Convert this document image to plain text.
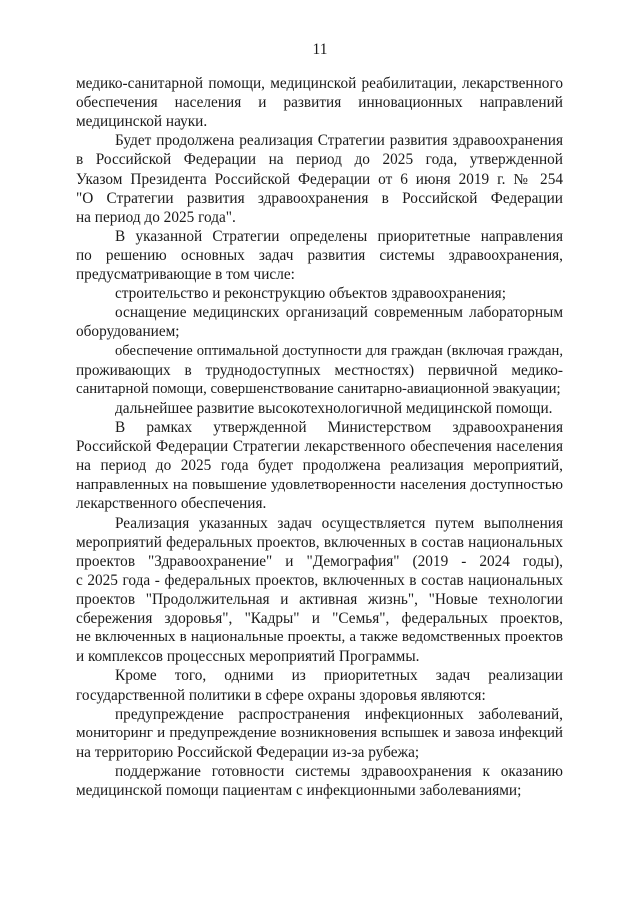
11
медико-санитарной помощи, медицинской реабилитации, лекарственного
обеспечения населения и развития инновационных направлений
медицинской науки.
Будет продолжена реализация Стратегии развития здравоохранения
в Российской Федерации на период до 2025 года, утвержденной
Указом Президента Российской Федерации от 6 июня 2019 г. № 254
"О Стратегии развития здравоохранения в Российской Федерации
на период до 2025 года".
В указанной Стратегии определены приоритетные направления
по решению основных задач развития системы здравоохранения,
предусматривающие в том числе:
строительство и реконструкцию объектов здравоохранения;
оснащение медицинских организаций современным лабораторным
оборудованием;
обеспечение оптимальной доступности для граждан (включая граждан,
проживающих в труднодоступных местностях) первичной медико-
санитарной помощи, совершенствование санитарно-авиационной эвакуации;
дальнейшее развитие высокотехнологичной медицинской помощи.
В рамках утвержденной Министерством здравоохранения
Российской Федерации Стратегии лекарственного обеспечения населения
на период до 2025 года будет продолжена реализация мероприятий,
направленных на повышение удовлетворенности населения доступностью
лекарственного обеспечения.
Реализация указанных задач осуществляется путем выполнения
мероприятий федеральных проектов, включенных в состав национальных
проектов "Здравоохранение" и "Демография" (2019 - 2024 годы),
с 2025 года - федеральных проектов, включенных в состав национальных
проектов "Продолжительная и активная жизнь", "Новые технологии
сбережения здоровья", "Кадры" и "Семья", федеральных проектов,
не включенных в национальные проекты, а также ведомственных проектов
и комплексов процессных мероприятий Программы.
Кроме того, одними из приоритетных задач реализации
государственной политики в сфере охраны здоровья являются:
предупреждение распространения инфекционных заболеваний,
мониторинг и предупреждение возникновения вспышек и завоза инфекций
на территорию Российской Федерации из-за рубежа;
поддержание готовности системы здравоохранения к оказанию
медицинской помощи пациентам с инфекционными заболеваниями;
